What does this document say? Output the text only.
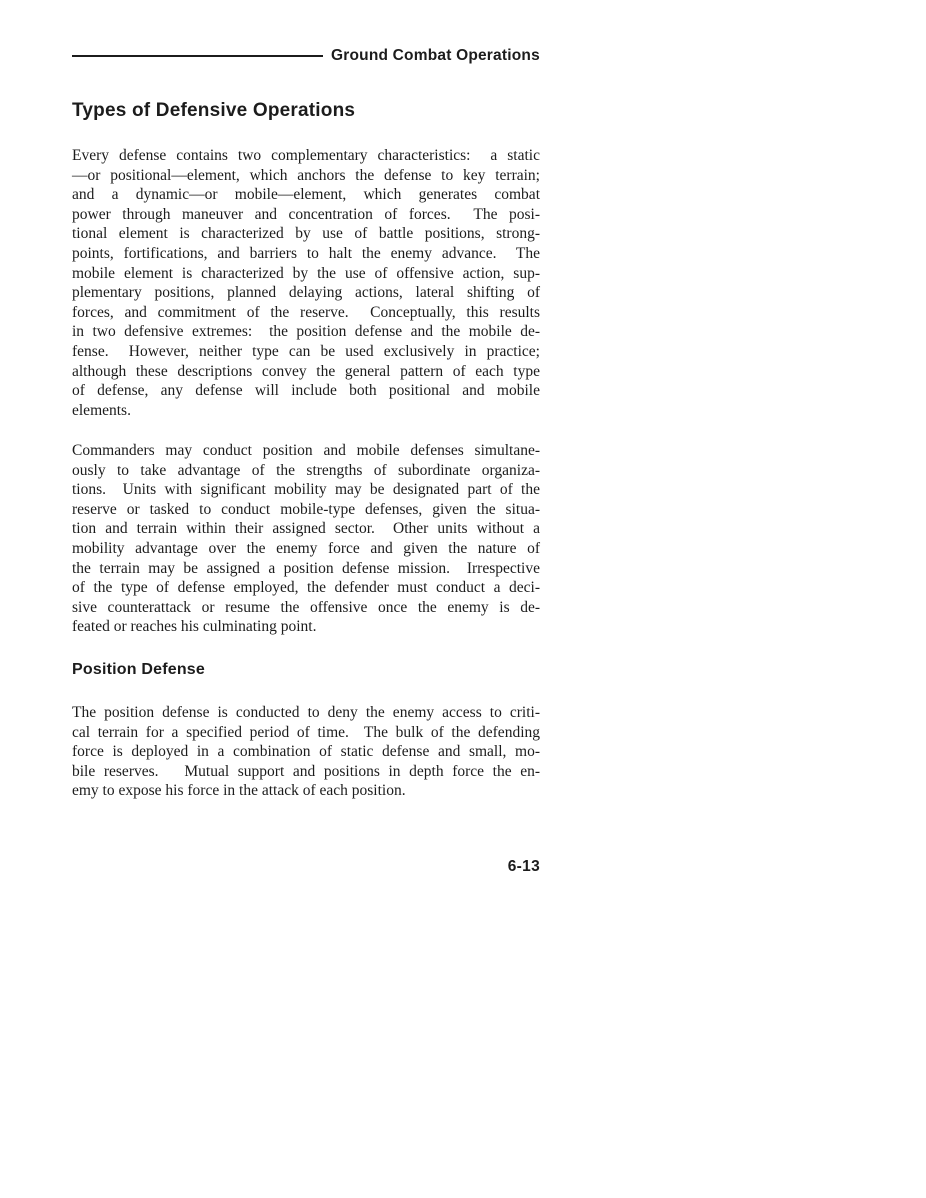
Ground Combat Operations
Types of Defensive Operations
Every defense contains two complementary characteristics:  a static
—or positional—element, which anchors the defense to key terrain;
and a dynamic—or mobile—element, which generates combat
power through maneuver and concentration of forces.  The posi-
tional element is characterized by use of battle positions, strong-
points, fortifications, and barriers to halt the enemy advance.  The
mobile element is characterized by the use of offensive action, sup-
plementary positions, planned delaying actions, lateral shifting of
forces, and commitment of the reserve.  Conceptually, this results
in two defensive extremes:  the position defense and the mobile de-
fense.  However, neither type can be used exclusively in practice;
although these descriptions convey the general pattern of each type
of defense, any defense will include both positional and mobile
elements.
Commanders may conduct position and mobile defenses simultane-
ously to take advantage of the strengths of subordinate organiza-
tions.  Units with significant mobility may be designated part of the
reserve or tasked to conduct mobile-type defenses, given the situa-
tion and terrain within their assigned sector.  Other units without a
mobility advantage over the enemy force and given the nature of
the terrain may be assigned a position defense mission.  Irrespective
of the type of defense employed, the defender must conduct a deci-
sive counterattack or resume the offensive once the enemy is de-
feated or reaches his culminating point.
Position Defense
The position defense is conducted to deny the enemy access to criti-
cal terrain for a specified period of time.  The bulk of the defending
force is deployed in a combination of static defense and small, mo-
bile reserves.   Mutual support and positions in depth force the en-
emy to expose his force in the attack of each position.
6-13
